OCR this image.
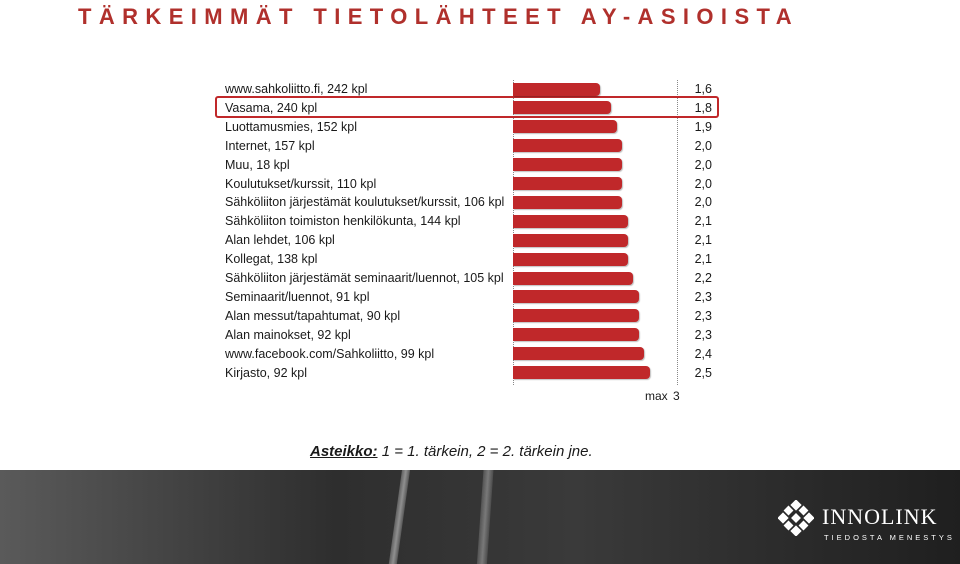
TÄRKEIMMÄT TIETOLÄHTEET AY-ASIOISTA
max 3
www.sahkoliitto.fi, 242 kpl	1,6
Vasama, 240 kpl	1,8
Luottamusmies, 152 kpl	1,9
Internet, 157 kpl	2,0
Muu, 18 kpl	2,0
Koulutukset/kurssit, 110 kpl	2,0
Sähköliiton järjestämät koulutukset/kurssit, 106 kpl	2,0
Sähköliiton toimiston henkilökunta, 144 kpl	2,1
Alan lehdet, 106 kpl	2,1
Kollegat, 138 kpl	2,1
Sähköliiton järjestämät seminaarit/luennot, 105 kpl	2,2
Seminaarit/luennot, 91 kpl	2,3
Alan messut/tapahtumat, 90 kpl	2,3
Alan mainokset, 92 kpl	2,3
www.facebook.com/Sahkoliitto, 99 kpl	2,4
Kirjasto, 92 kpl	2,5
Asteikko: 1 = 1. tärkein, 2 = 2. tärkein jne.
INNOLINK
TIEDOSTA MENESTYS
